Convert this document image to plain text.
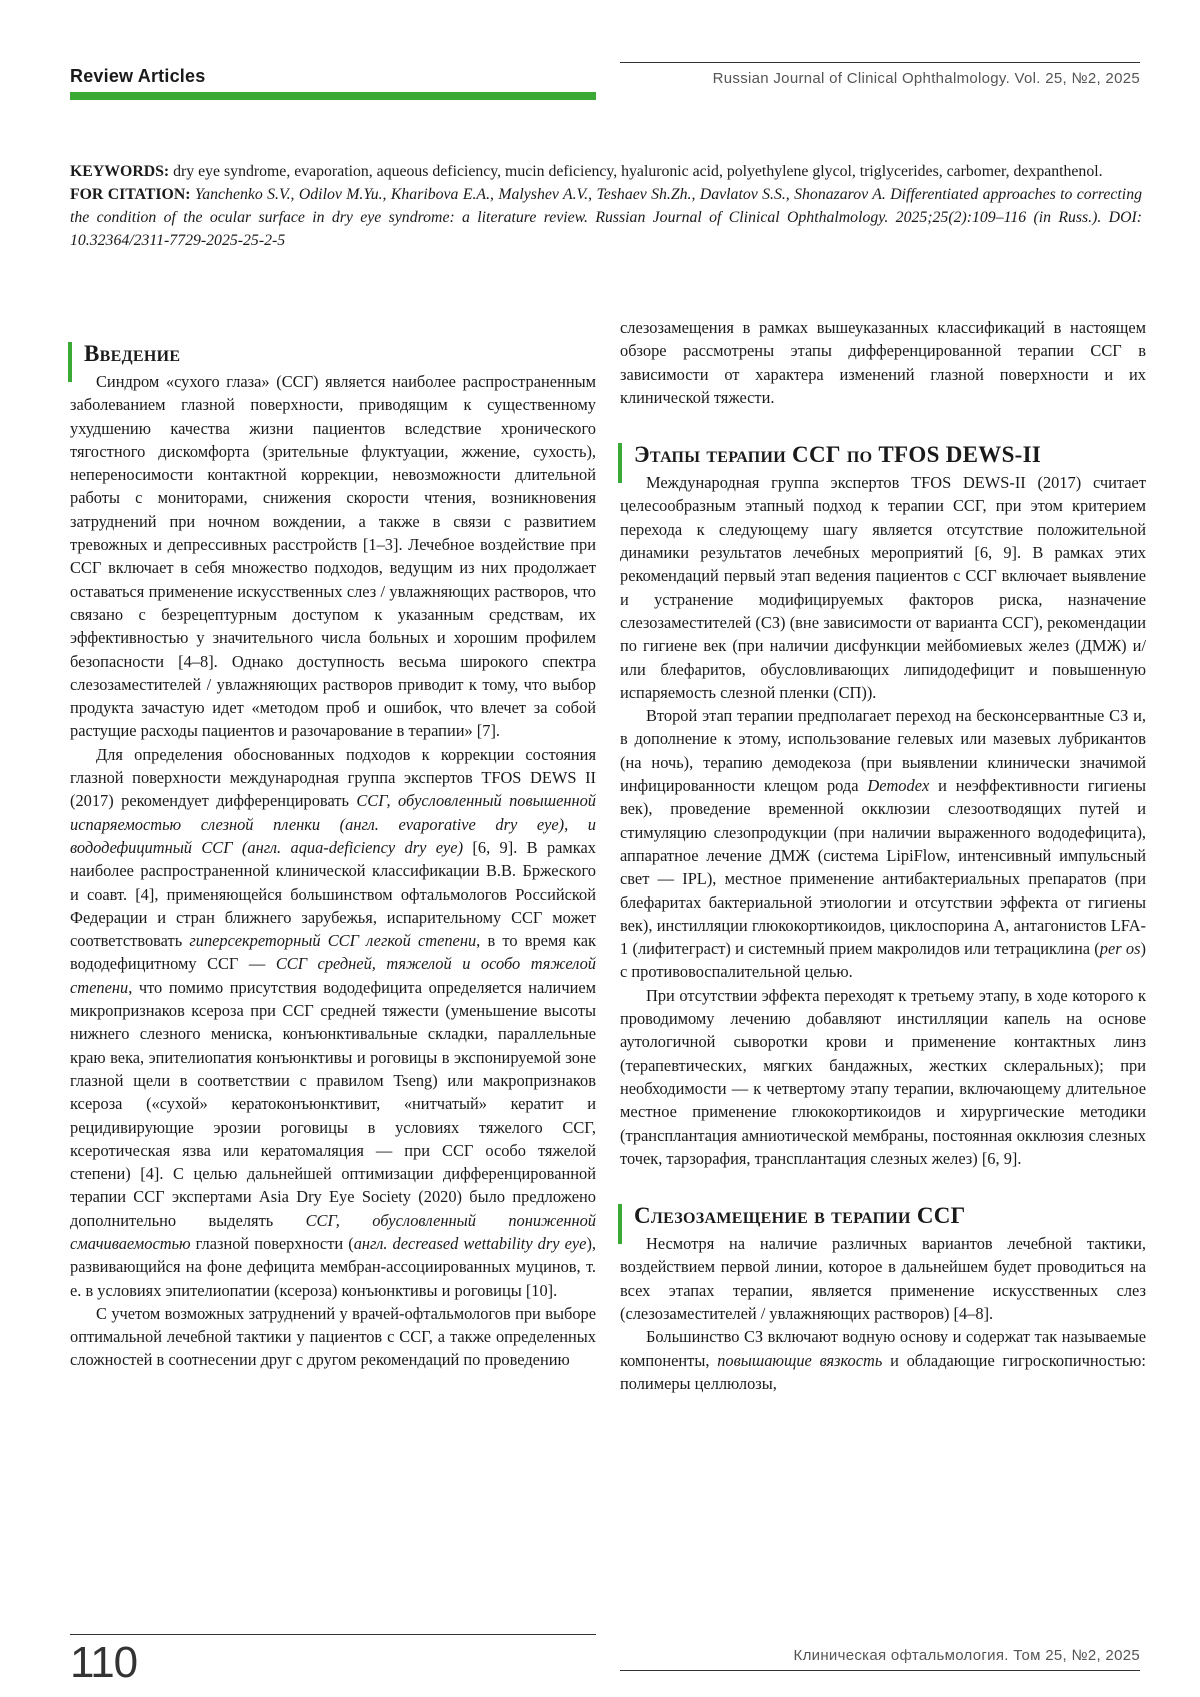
Review Articles	Russian Journal of Clinical Ophthalmology. Vol. 25, №2, 2025

KEYWORDS: dry eye syndrome, evaporation, aqueous deficiency, mucin deficiency, hyaluronic acid, polyethylene glycol, triglycerides, carbomer, dexpanthenol.

FOR CITATION: Yanchenko S.V., Odilov M.Yu., Kharibova E.A., Malyshev A.V., Teshaev Sh.Zh., Davlatov S.S., Shonazarov A. Differentiated approaches to correcting the condition of the ocular surface in dry eye syndrome: a literature review. Russian Journal of Clinical Ophthalmology. 2025;25(2):109–116 (in Russ.). DOI: 10.32364/2311-7729-2025-25-2-5

Введение

Синдром «сухого глаза» (ССГ) является наиболее распространенным заболеванием глазной поверхности, приводящим к существенному ухудшению качества жизни пациентов вследствие хронического тягостного дискомфорта (зрительные флуктуации, жжение, сухость), непереносимости контактной коррекции, невозможности длительной работы с мониторами, снижения скорости чтения, возникновения затруднений при ночном вождении, а также в связи с развитием тревожных и депрессивных расстройств [1–3]. Лечебное воздействие при ССГ включает в себя множество подходов, ведущим из них продолжает оставаться применение искусственных слез / увлажняющих растворов, что связано с безрецептурным доступом к указанным средствам, их эффективностью у значительного числа больных и хорошим профилем безопасности [4–8]. Однако доступность весьма широкого спектра слезозаместителей / увлажняющих растворов приводит к тому, что выбор продукта зачастую идет «методом проб и ошибок, что влечет за собой растущие расходы пациентов и разочарование в терапии» [7].

Для определения обоснованных подходов к коррекции состояния глазной поверхности международная группа экспертов TFOS DEWS II (2017) рекомендует дифференцировать ССГ, обусловленный повышенной испаряемостью слезной пленки (англ. evaporative dry eye), и вододефицитный ССГ (англ. aqua-deficiency dry eye) [6, 9]. В рамках наиболее распространенной клинической классификации В.В. Бржеского и соавт. [4], применяющейся большинством офтальмологов Российской Федерации и стран ближнего зарубежья, испарительному ССГ может соответствовать гиперсекреторный ССГ легкой степени, в то время как вододефицитному ССГ — ССГ средней, тяжелой и особо тяжелой степени, что помимо присутствия вододефицита определяется наличием микропризнаков ксероза при ССГ средней тяжести (уменьшение высоты нижнего слезного мениска, конъюнктивальные складки, параллельные краю века, эпителиопатия конъюнктивы и роговицы в экспонируемой зоне глазной щели в соответствии с правилом Tseng) или макропризнаков ксероза («сухой» кератоконъюнктивит, «нитчатый» кератит и рецидивирующие эрозии роговицы в условиях тяжелого ССГ, ксеротическая язва или кератомаляция — при ССГ особо тяжелой степени) [4]. С целью дальнейшей оптимизации дифференцированной терапии ССГ экспертами Asia Dry Eye Society (2020) было предложено дополнительно выделять ССГ, обусловленный пониженной смачиваемостью глазной поверхности (англ. decreased wettability dry eye), развивающийся на фоне дефицита мембран-ассоциированных муцинов, т. е. в условиях эпителиопатии (ксероза) конъюнктивы и роговицы [10].

С учетом возможных затруднений у врачей-офтальмологов при выборе оптимальной лечебной тактики у пациентов с ССГ, а также определенных сложностей в соотнесении друг с другом рекомендаций по проведению

слезозамещения в рамках вышеуказанных классификаций в настоящем обзоре рассмотрены этапы дифференцированной терапии ССГ в зависимости от характера изменений глазной поверхности и их клинической тяжести.

Этапы терапии ССГ по TFOS DEWS-II

Международная группа экспертов TFOS DEWS-II (2017) считает целесообразным этапный подход к терапии ССГ, при этом критерием перехода к следующему шагу является отсутствие положительной динамики результатов лечебных мероприятий [6, 9]. В рамках этих рекомендаций первый этап ведения пациентов с ССГ включает выявление и устранение модифицируемых факторов риска, назначение слезозаместителей (СЗ) (вне зависимости от варианта ССГ), рекомендации по гигиене век (при наличии дисфункции мейбомиевых желез (ДМЖ) и/или блефаритов, обусловливающих липидодефицит и повышенную испаряемость слезной пленки (СП)).

Второй этап терапии предполагает переход на бесконсервантные СЗ и, в дополнение к этому, использование гелевых или мазевых лубрикантов (на ночь), терапию демодекоза (при выявлении клинически значимой инфицированности клещом рода Demodex и неэффективности гигиены век), проведение временной окклюзии слезоотводящих путей и стимуляцию слезопродукции (при наличии выраженного вододефицита), аппаратное лечение ДМЖ (система LipiFlow, интенсивный импульсный свет — IPL), местное применение антибактериальных препаратов (при блефаритах бактериальной этиологии и отсутствии эффекта от гигиены век), инстилляции глюкокортикоидов, циклоспорина А, антагонистов LFA-1 (лифитеграст) и системный прием макролидов или тетрациклина (per os) с противовоспалительной целью.

При отсутствии эффекта переходят к третьему этапу, в ходе которого к проводимому лечению добавляют инстилляции капель на основе аутологичной сыворотки крови и применение контактных линз (терапевтических, мягких бандажных, жестких склеральных); при необходимости — к четвертому этапу терапии, включающему длительное местное применение глюкокортикоидов и хирургические методики (трансплантация амниотической мембраны, постоянная окклюзия слезных точек, тарзорафия, трансплантация слезных желез) [6, 9].

Слезозамещение в терапии ССГ

Несмотря на наличие различных вариантов лечебной тактики, воздействием первой линии, которое в дальнейшем будет проводиться на всех этапах терапии, является применение искусственных слез (слезозаместителей / увлажняющих растворов) [4–8].

Большинство СЗ включают водную основу и содержат так называемые компоненты, повышающие вязкость и обладающие гигроскопичностью: полимеры целлюлозы,

110	Клиническая офтальмология. Том 25, №2, 2025
